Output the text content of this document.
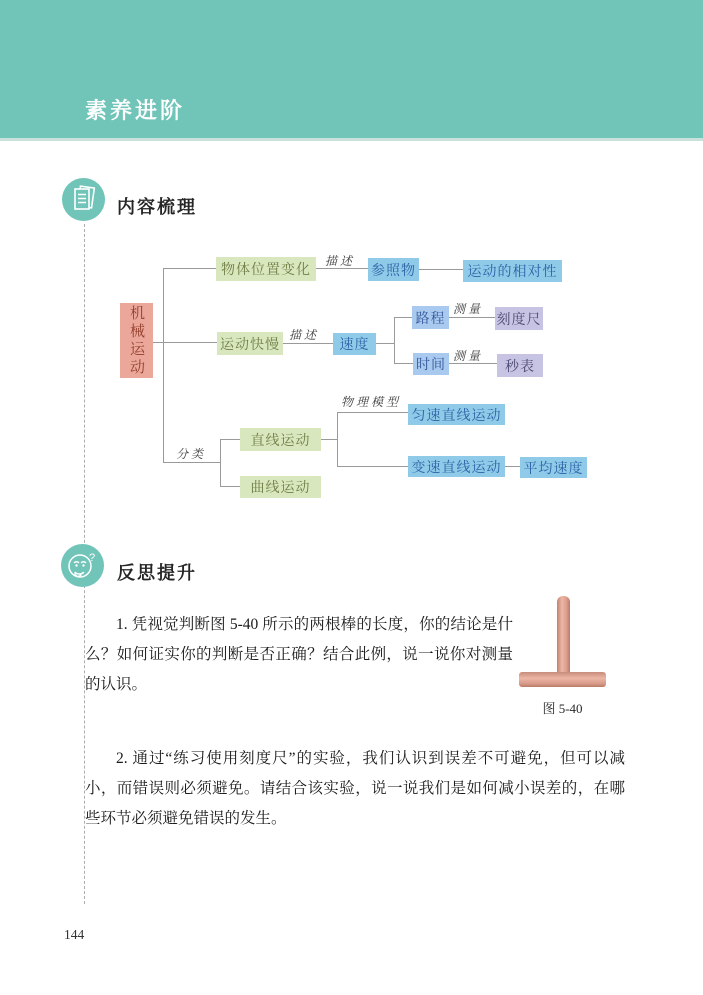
素养进阶
内容梳理
描述
描述
测量
测量
物理模型
分类
机械运动
物体位置变化	参照物	运动的相对性
运动快慢	速度
路程
时间
刻度尺
秒表
直线运动
曲线运动
匀速直线运动
变速直线运动 平均速度
?
反思提升

1. 凭视觉判断图 5-40 所示的两根棒的长度，你的结论是什么？如何证实你的判断是否正确？结合此例，说一说你对测量的认识。

图 5-40

2. 通过“练习使用刻度尺”的实验，我们认识到误差不可避免，但可以减小，而错误则必须避免。请结合该实验，说一说我们是如何减小误差的，在哪些环节必须避免错误的发生。

144
